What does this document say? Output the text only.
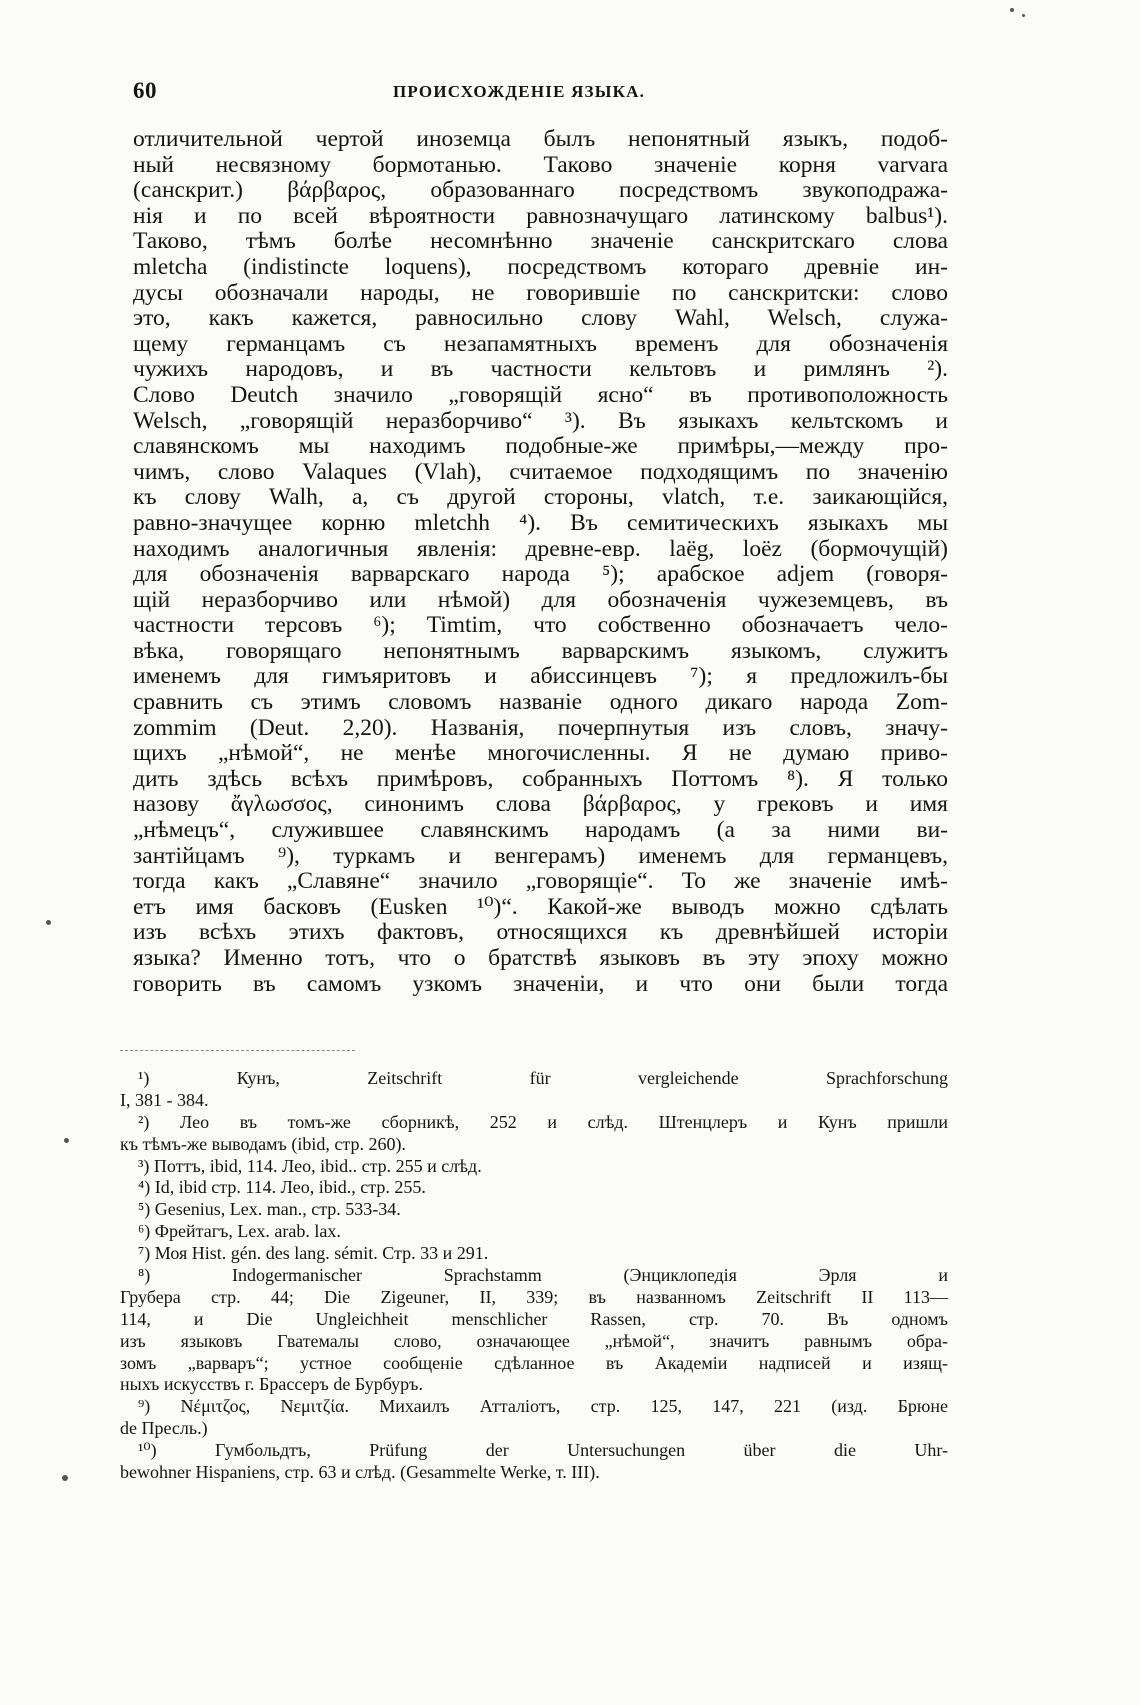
60	ПРОИСХОЖДЕНІЕ ЯЗЫКА.
отличительной чертой иноземца былъ непонятный языкъ, подоб-
ный несвязному бормотанью. Таково значеніе корня varvara
(санскрит.) βάρβαρος, образованнаго посредствомъ звукоподража-
нія и по всей вѣроятности равнозначущаго латинскому balbus¹).
Таково, тѣмъ болѣе несомнѣнно значеніе санскритскаго слова
mletcha (indistincte loquens), посредствомъ котораго древніе ин-
дусы обозначали народы, не говорившіе по санскритски: слово
это, какъ кажется, равносильно слову Wahl, Welsch, служа-
щему германцамъ съ незапамятныхъ временъ для обозначенія
чужихъ народовъ, и въ частности кельтовъ и римлянъ ²).
Слово Deutch значило „говорящій ясно“ въ противоположность
Welsch, „говорящій неразборчиво“ ³). Въ языкахъ кельтскомъ и
славянскомъ мы находимъ подобные-же примѣры,—между про-
чимъ, слово Valaques (Vlah), считаемое подходящимъ по значенію
къ слову Walh, а, съ другой стороны, vlatch, т.е. заикающійся,
равно-значущее корню mletchh ⁴). Въ семитическихъ языкахъ мы
находимъ аналогичныя явленія: древне-евр. laëg, loëz (бормочущій)
для обозначенія варварскаго народа ⁵); арабское adjem (говоря-
щій неразборчиво или нѣмой) для обозначенія чужеземцевъ, въ
частности терсовъ ⁶); Timtim, что собственно обозначаетъ чело-
вѣка, говорящаго непонятнымъ варварскимъ языкомъ, служитъ
именемъ для гимъяритовъ и абиссинцевъ ⁷); я предложилъ-бы
сравнить съ этимъ словомъ названіе одного дикаго народа Zom-
zommim (Deut. 2,20). Названія, почерпнутыя изъ словъ, значу-
щихъ „нѣмой“, не менѣе многочисленны. Я не думаю приво-
дить здѣсь всѣхъ примѣровъ, собранныхъ Поттомъ ⁸). Я только
назову ἄγλωσσος, синонимъ слова βάρβαρος, у грековъ и имя
„нѣмецъ“, служившее славянскимъ народамъ (а за ними ви-
зантійцамъ ⁹), туркамъ и венгерамъ) именемъ для германцевъ,
тогда какъ „Славяне“ значило „говорящіе“. То же значеніе имѣ-
етъ имя басковъ (Eusken ¹⁰)“. Какой-же выводъ можно сдѣлать
изъ всѣхъ этихъ фактовъ, относящихся къ древнѣйшей исторіи
языка? Именно тотъ, что о братствѣ языковъ въ эту эпоху можно
говорить въ самомъ узкомъ значеніи, и что они были тогда
¹) Кунъ, Zeitschrift für vergleichende Sprachforschung
I, 381 - 384.
²) Лео въ томъ-же сборникѣ, 252 и слѣд. Штенцлеръ и Кунъ пришли
къ тѣмъ-же выводамъ (ibid, стр. 260).
³) Поттъ, ibid, 114. Лео, ibid.. стр. 255 и слѣд.
⁴) Id, ibid стр. 114. Лео, ibid., стр. 255.
⁵) Gesenius, Lex. man., стр. 533-34.
⁶) Фрейтагъ, Lex. arab. lax.
⁷) Моя Hist. gén. des lang. sémit. Стр. 33 и 291.
⁸) Indogermanischer Sprachstamm (Энциклопедія Эрля и
Грубера стр. 44; Die Zigeuner, II, 339; въ названномъ Zeitschrift II 113—
114, и Die Ungleichheit menschlicher Rassen, стр. 70. Въ одномъ
изъ языковъ Гватемалы слово, означающее „нѣмой“, значитъ равнымъ обра-
зомъ „варваръ“; устное сообщеніе сдѣланное въ Академіи надписей и изящ-
ныхъ искусствъ г. Брассеръ de Бурбуръ.
⁹) Νέμιτζος, Νεμιτζία. Михаилъ Атталіотъ, стр. 125, 147, 221 (изд. Брюне
de Пресль.)
¹⁰) Гумбольдтъ, Prüfung der Untersuchungen über die Uhr-
bewohner Hispaniens, стр. 63 и слѣд. (Gesammelte Werke, т. III).
